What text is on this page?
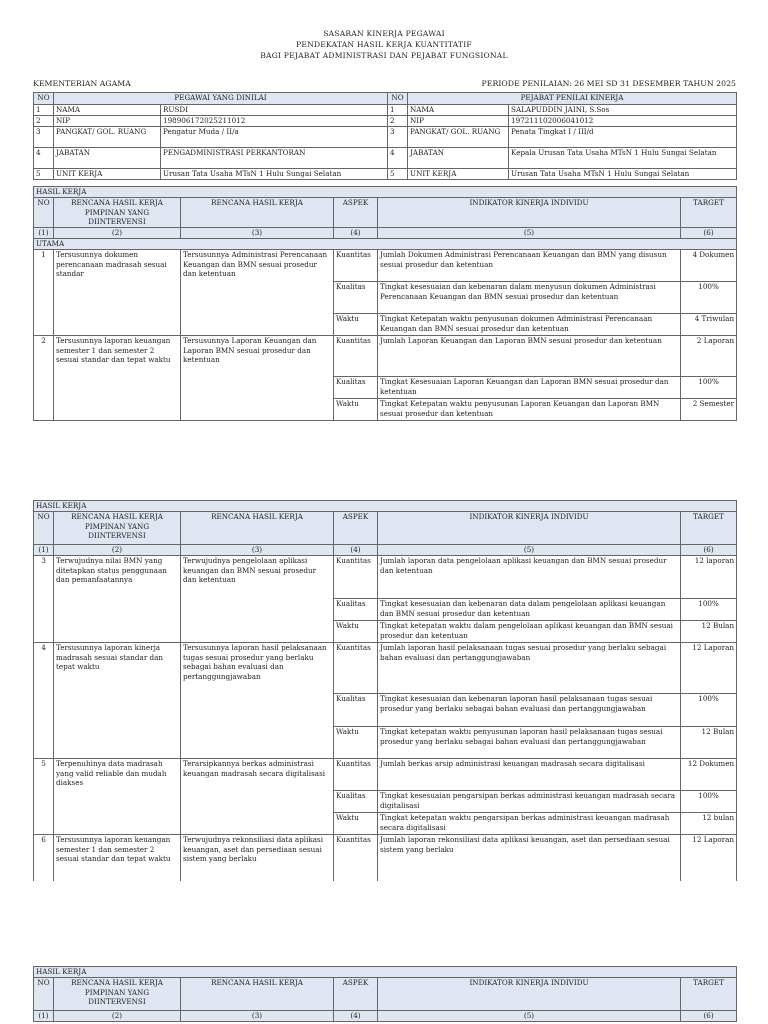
SASARAN KINERJA PEGAWAI
PENDEKATAN HASIL KERJA KUANTITATIF
BAGI PEJABAT ADMINISTRASI DAN PEJABAT FUNGSIONAL
KEMENTERIAN AGAMA	PERIODE PENILAIAN: 26 MEI SD 31 DESEMBER TAHUN 2025
NO	PEGAWAI YANG DINILAI		NO	PEJABAT PENILAI KINERJA	
1	NAMA	RUSDI	1	NAMA	SALAPUDDIN JAINI, S.Sos
2	NIP	198906172025211012	2	NIP	197211102006041012
3	PANGKAT/ GOL. RUANG	Pengatur Muda / II/a	3	PANGKAT/ GOL. RUANG	Penata Tingkat I / III/d
4	JABATAN	PENGADMINISTRASI PERKANTORAN	4	JABATAN	Kepala Urusan Tata Usaha MTsN 1 Hulu Sungai Selatan
5	UNIT KERJA	Urusan Tata Usaha MTsN 1 Hulu Sungai Selatan	5	UNIT KERJA	Urusan Tata Usaha MTsN 1 Hulu Sungai Selatan
HASIL KERJA					
NO	RENCANA HASIL KERJA PIMPINAN YANG DIINTERVENSI	RENCANA HASIL KERJA	ASPEK	INDIKATOR KINERJA INDIVIDU	TARGET
(1)	(2)	(3)	(4)	(5)	(6)
UTAMA					
1	Tersusunnya dokumen perencanaan madrasah sesuai standar	Tersusunnya Administrasi Perencanaan Keuangan dan BMN sesuai prosedur dan ketentuan	Kuantitas	Jumlah Dokumen Administrasi Perencanaan Keuangan dan BMN yang disusun sesuai prosedur dan ketentuan	4 Dokumen
			Kualitas	Tingkat kesesuaian dan kebenaran dalam menyusun dokumen Administrasi Perencanaan Keuangan dan BMN sesuai prosedur dan ketentuan	100%
			Waktu	Tingkat Ketepatan waktu penyusunan dokumen Administrasi Perencanaan Keuangan dan BMN sesuai prosedur dan ketentuan	4 Triwulan
2	Tersusunnya laporan keuangan semester 1 dan semester 2 sesuai standar dan tepat waktu	Tersusunnya Laporan Keuangan dan Laporan BMN sesuai prosedur dan ketentuan	Kuantitas	Jumlah Laporan Keuangan dan Laporan BMN sesuai prosedur dan ketentuan	2 Laporan
			Kualitas	Tingkat Kesesuaian Laporan Keuangan dan Laporan BMN sesuai prosedur dan ketentuan	100%
			Waktu	Tingkat Ketepatan waktu penyusunan Laporan Keuangan dan Laporan BMN sesuai prosedur dan ketentuan	2 Semester
HASIL KERJA					
NO	RENCANA HASIL KERJA PIMPINAN YANG DIINTERVENSI	RENCANA HASIL KERJA	ASPEK	INDIKATOR KINERJA INDIVIDU	TARGET
(1)	(2)	(3)	(4)	(5)	(6)
3	Terwujudnya nilai BMN yang ditetapkan status penggunaan dan pemanfaatannya	Terwujudnya pengelolaan aplikasi keuangan dan BMN sesuai prosedur dan ketentuan	Kuantitas	Jumlah laporan data pengelolaan aplikasi keuangan dan BMN sesuai prosedur dan ketentuan	12 laporan
			Kualitas	Tingkat kesesuaian dan kebenaran data dalam pengelolaan aplikasi keuangan dan BMN sesuai prosedur dan ketentuan	100%
			Waktu	Tingkat ketepatan waktu dalam pengelolaan aplikasi keuangan dan BMN sesuai prosedur dan ketentuan	12 Bulan
4	Tersusunnya laporan kinerja madrasah sesuai standar dan tepat waktu	Tersusunnya laporan hasil pelaksanaan tugas sesuai prosedur yang berlaku sebagai bahan evaluasi dan pertanggungjawaban	Kuantitas	Jumlah laporan hasil pelaksanaan tugas sesuai prosedur yang berlaku sebagai bahan evaluasi dan pertanggungjawaban	12 Laporan
			Kualitas	Tingkat kesesuaian dan kebenaran laporan hasil pelaksanaan tugas sesuai prosedur yang berlaku sebagai bahan evaluasi dan pertanggungjawaban	100%
			Waktu	Tingkat ketepatan waktu penyusunan laporan hasil pelaksanaan tugas sesuai prosedur yang berlaku sebagai bahan evaluasi dan pertanggungjawaban	12 Bulan
5	Terpenuhinya data madrasah yang valid reliable dan mudah diakses	Terarsipkannya berkas administrasi keuangan madrasah secara digitalisasi	Kuantitas	Jumlah berkas arsip administrasi keuangan madrasah secara digitalisasi	12 Dokumen
			Kualitas	Tingkat kesesuaian pengarsipan berkas administrasi keuangan madrasah secara digitalisasi	100%
			Waktu	Tingkat ketepatan waktu pengarsipan berkas administrasi keuangan madrasah secara digitalisasi	12 bulan
6	Tersusunnya laporan keuangan semester 1 dan semester 2 sesuai standar dan tepat waktu	Terwujudnya rekonsiliasi data aplikasi keuangan, aset dan persediaan sesuai sistem yang berlaku	Kuantitas	Jumlah laporan rekonsiliasi data aplikasi keuangan, aset dan persediaan sesuai sistem yang berlaku	12 Laporan
HASIL KERJA					
NO	RENCANA HASIL KERJA PIMPINAN YANG DIINTERVENSI	RENCANA HASIL KERJA	ASPEK	INDIKATOR KINERJA INDIVIDU	TARGET
(1)	(2)	(3)	(4)	(5)	(6)
